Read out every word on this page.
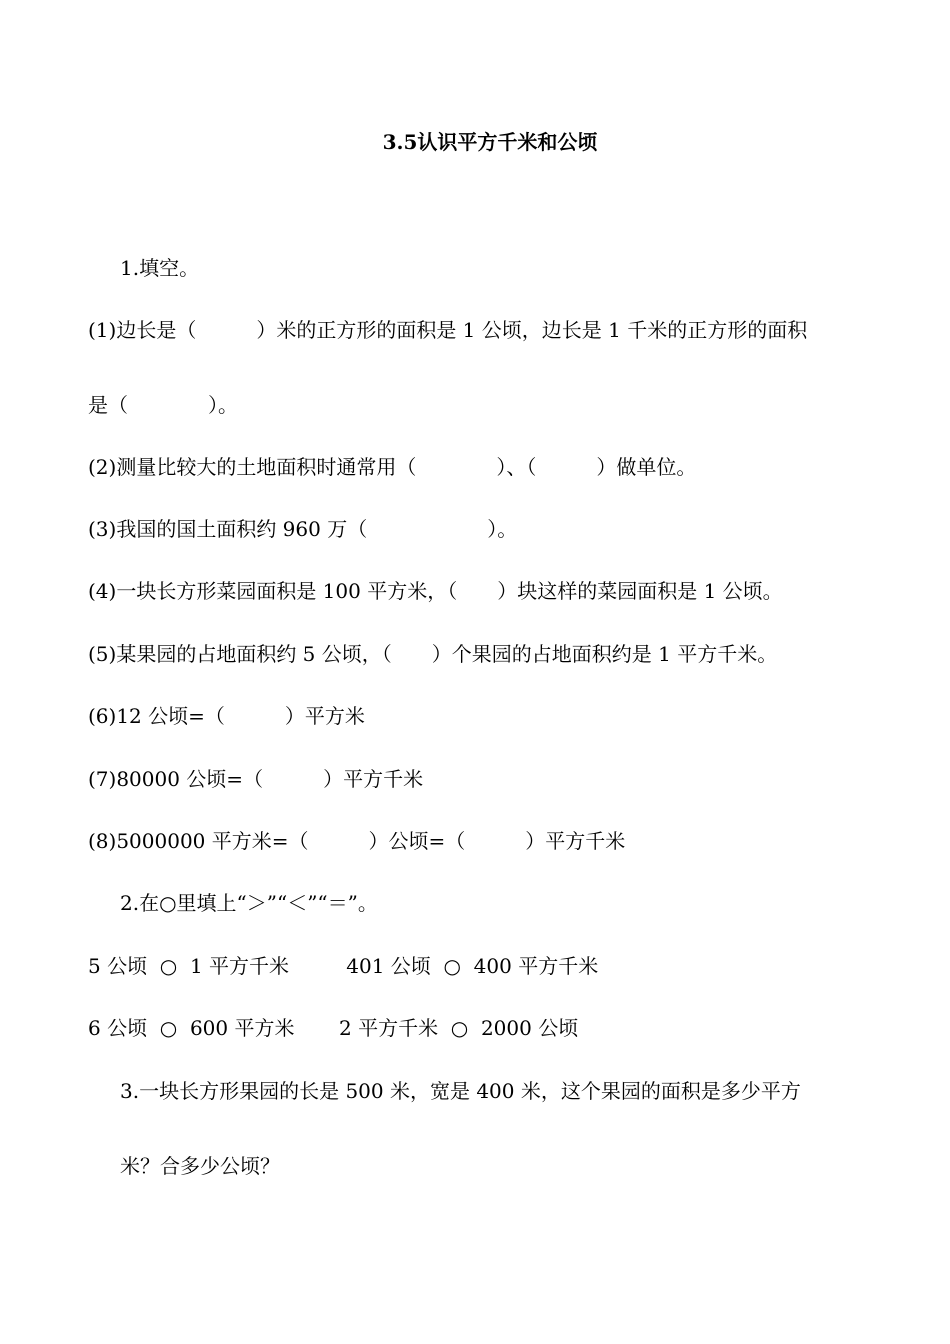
3.5认识平方千米和公顷
1.填空。
(1)边长是（　　　）米的正方形的面积是 1 公顷，边长是 1 千米的正方形的面积
是（　　　　）。
(2)测量比较大的土地面积时通常用（　　　　）、（　　　）做单位。
(3)我国的国土面积约 960 万（　　　　　　）。
(4)一块长方形菜园面积是 100 平方米，（　　）块这样的菜园面积是 1 公顷。
(5)某果园的占地面积约 5 公顷，（　　）个果园的占地面积约是 1 平方千米。
(6)12 公顷=（　　　）平方米
(7)80000 公顷=（　　　）平方千米
(8)5000000 平方米=（　　　）公顷=（　　　）平方千米
2.在○里填上“＞”“＜”“＝”。
5 公顷  ○  1 平方千米         401 公顷  ○  400 平方千米
6 公顷  ○  600 平方米       2 平方千米  ○  2000 公顷
3.一块长方形果园的长是 500 米，宽是 400 米，这个果园的面积是多少平方
米？合多少公顷？
